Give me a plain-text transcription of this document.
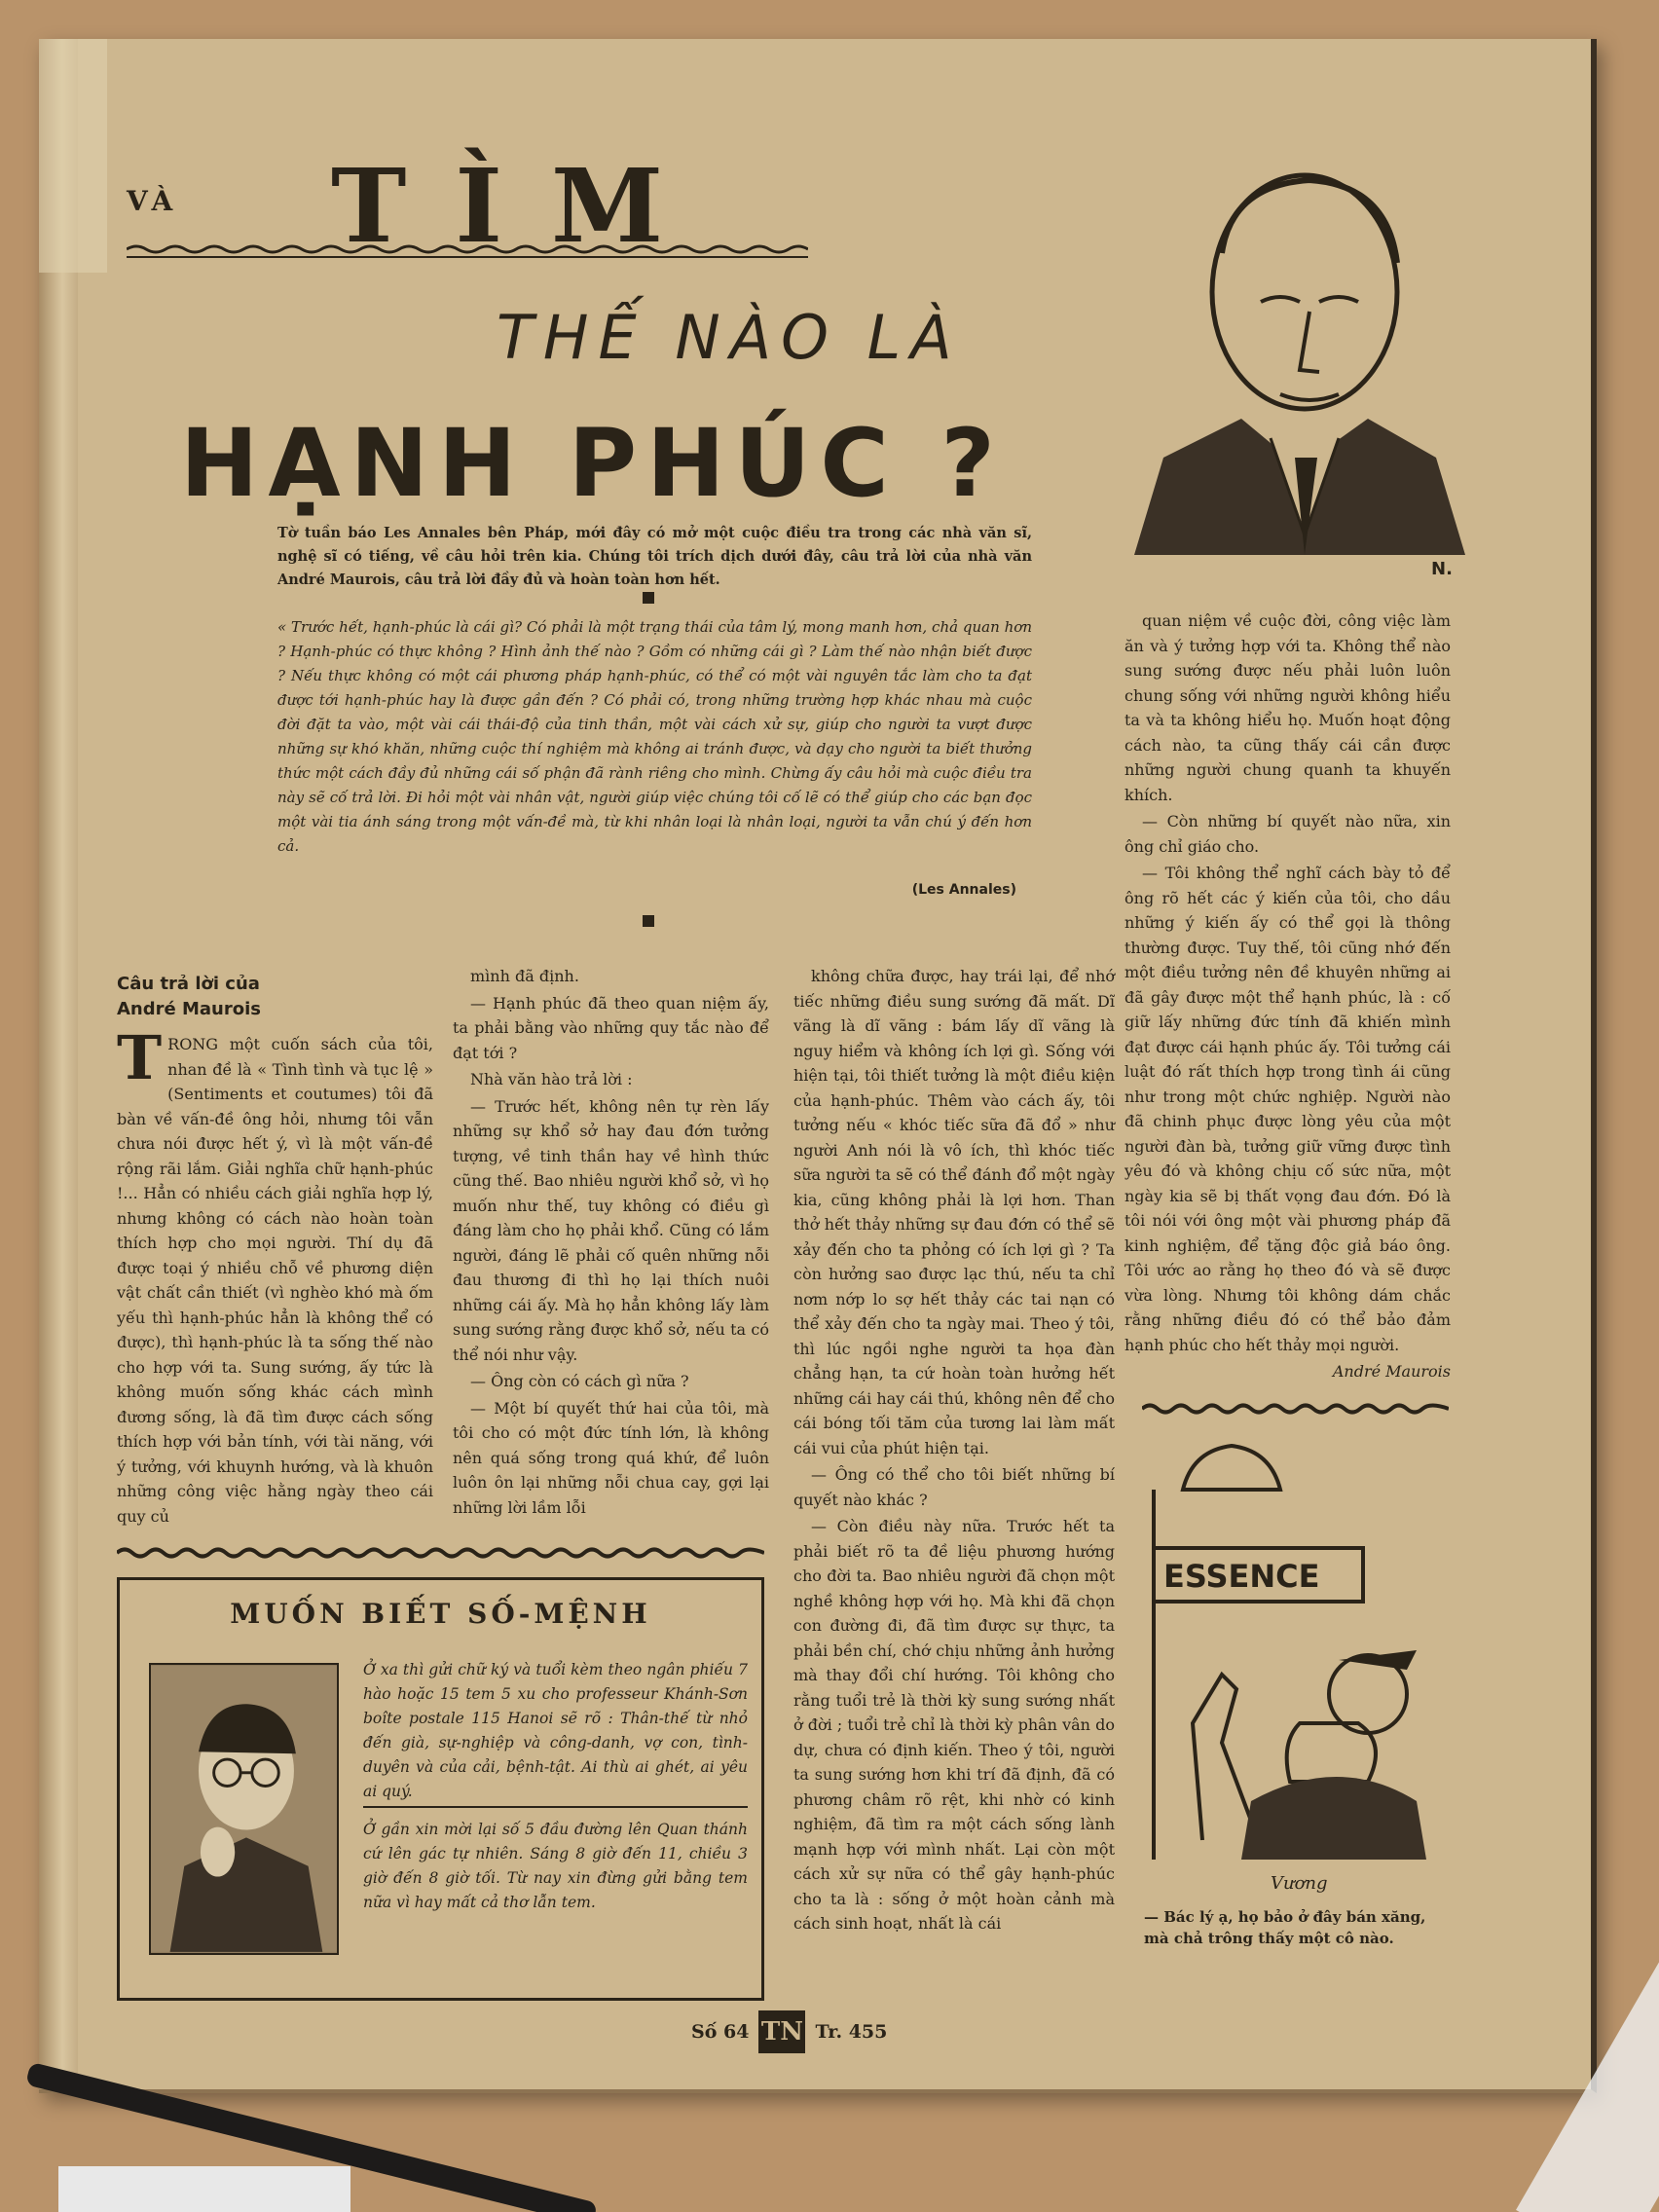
VÀ TÌM
THẾ NÀO LÀ
HẠNH PHÚC ?
Tờ tuần báo Les Annales bên Pháp, mới đây có mở một cuộc điều tra trong các nhà văn sĩ, nghệ sĩ có tiếng, về câu hỏi trên kia. Chúng tôi trích dịch dưới đây, câu trả lời của nhà văn André Maurois, câu trả lời đầy đủ và hoàn toàn hơn hết.
« Trước hết, hạnh-phúc là cái gì? Có phải là một trạng thái của tâm lý, mong manh hơn, chả quan hơn ? Hạnh-phúc có thực không ? Hình ảnh thế nào ? Gồm có những cái gì ? Làm thế nào nhận biết được ? Nếu thực không có một cái phương pháp hạnh-phúc, có thể có một vài nguyên tắc làm cho ta đạt được tới hạnh-phúc hay là được gần đến ? Có phải có, trong những trường hợp khác nhau mà cuộc đời đặt ta vào, một vài cái thái-độ của tinh thần, một vài cách xử sự, giúp cho người ta vượt được những sự khó khăn, những cuộc thí nghiệm mà không ai tránh được, và dạy cho người ta biết thưởng thức một cách đầy đủ những cái số phận đã rành riêng cho mình. Chừng ấy câu hỏi mà cuộc điều tra này sẽ cố trả lời. Đi hỏi một vài nhân vật, người giúp việc chúng tôi cố lẽ có thể giúp cho các bạn đọc một vài tia ánh sáng trong một vấn-đề mà, từ khi nhân loại là nhân loại, người ta vẫn chú ý đến hơn cả.
(Les Annales)
N.
Câu trả lời của
André Maurois
T RONG một cuốn sách của tôi, nhan đề là « Tình tình và tục lệ » (Sentiments et coutumes) tôi đã bàn về vấn-đề ông hỏi, nhưng tôi vẫn chưa nói được hết ý, vì là một vấn-đề rộng rãi lắm. Giải nghĩa chữ hạnh-phúc !... Hẳn có nhiều cách giải nghĩa hợp lý, nhưng không có cách nào hoàn toàn thích hợp cho mọi người. Thí dụ đã được toại ý nhiều chỗ về phương diện vật chất cần thiết (vì nghèo khó mà ốm yếu thì hạnh-phúc hẳn là không thể có được), thì hạnh-phúc là ta sống thế nào cho hợp với ta. Sung sướng, ấy tức là không muốn sống khác cách mình đương sống, là đã tìm được cách sống thích hợp với bản tính, với tài năng, với ý tưởng, với khuynh hướng, và là khuôn những công việc hằng ngày theo cái quy củ

mình đã định.

— Hạnh phúc đã theo quan niệm ấy, ta phải bằng vào những quy tắc nào để đạt tới ?

Nhà văn hào trả lời :

— Trước hết, không nên tự rèn lấy những sự khổ sở hay đau đớn tưởng tượng, về tinh thần hay về hình thức cũng thế. Bao nhiêu người khổ sở, vì họ muốn như thế, tuy không có điều gì đáng làm cho họ phải khổ. Cũng có lắm người, đáng lẽ phải cố quên những nỗi đau thương đi thì họ lại thích nuôi những cái ấy. Mà họ hẳn không lấy làm sung sướng rằng được khổ sở, nếu ta có thể nói như vậy.

— Ông còn có cách gì nữa ?

— Một bí quyết thứ hai của tôi, mà tôi cho có một đức tính lớn, là không nên quá sống trong quá khứ, để luôn luôn ôn lại những nỗi chua cay, gợi lại những lời lầm lỗi

không chữa được, hay trái lại, để nhớ tiếc những điều sung sướng đã mất. Dĩ vãng là dĩ vãng : bám lấy dĩ vãng là nguy hiểm và không ích lợi gì. Sống với hiện tại, tôi thiết tưởng là một điều kiện của hạnh-phúc. Thêm vào cách ấy, tôi tưởng nếu « khóc tiếc sữa đã đổ » như người Anh nói là vô ích, thì khóc tiếc sữa người ta sẽ có thể đánh đổ một ngày kia, cũng không phải là lợi hơn. Than thở hết thảy những sự đau đớn có thể sẽ xảy đến cho ta phỏng có ích lợi gì ? Ta còn hưởng sao được lạc thú, nếu ta chỉ nơm nớp lo sợ hết thảy các tai nạn có thể xảy đến cho ta ngày mai. Theo ý tôi, thì lúc ngồi nghe người ta họa đàn chẳng hạn, ta cứ hoàn toàn hưởng hết những cái hay cái thú, không nên để cho cái bóng tối tăm của tương lai làm mất cái vui của phút hiện tại.

— Ông có thể cho tôi biết những bí quyết nào khác ?

— Còn điều này nữa. Trước hết ta phải biết rõ ta đề liệu phương hướng cho đời ta. Bao nhiêu người đã chọn một nghề không hợp với họ. Mà khi đã chọn con đường đi, đã tìm được sự thực, ta phải bền chí, chớ chịu những ảnh hưởng mà thay đổi chí hướng. Tôi không cho rằng tuổi trẻ là thời kỳ sung sướng nhất ở đời ; tuổi trẻ chỉ là thời kỳ phân vân do dự, chưa có định kiến. Theo ý tôi, người ta sung sướng hơn khi trí đã định, đã có phương châm rõ rệt, khi nhờ có kinh nghiệm, đã tìm ra một cách sống lành mạnh hợp với mình nhất. Lại còn một cách xử sự nữa có thể gây hạnh-phúc cho ta là : sống ở một hoàn cảnh mà cách sinh hoạt, nhất là cái

quan niệm về cuộc đời, công việc làm ăn và ý tưởng hợp với ta. Không thể nào sung sướng được nếu phải luôn luôn chung sống với những người không hiểu ta và ta không hiểu họ. Muốn hoạt động cách nào, ta cũng thấy cái cần được những người chung quanh ta khuyến khích.

— Còn những bí quyết nào nữa, xin ông chỉ giáo cho.

— Tôi không thể nghĩ cách bày tỏ để ông rõ hết các ý kiến của tôi, cho dầu những ý kiến ấy có thể gọi là thông thường được. Tuy thế, tôi cũng nhớ đến một điều tưởng nên đề khuyên những ai đã gây được một thể hạnh phúc, là : cố giữ lấy những đức tính đã khiến mình đạt được cái hạnh phúc ấy. Tôi tưởng cái luật đó rất thích hợp trong tình ái cũng như trong một chức nghiệp. Người nào đã chinh phục được lòng yêu của một người đàn bà, tưởng giữ vững được tình yêu đó và không chịu cố sức nữa, một ngày kia sẽ bị thất vọng đau đớn. Đó là tôi nói với ông một vài phương pháp đã kinh nghiệm, để tặng độc giả báo ông. Tôi ước ao rằng họ theo đó và sẽ được vừa lòng. Nhưng tôi không dám chắc rằng những điều đó có thể bảo đảm hạnh phúc cho hết thảy mọi người.

André Maurois

MUỐN BIẾT SỐ-MỆNH
Ở xa thì gửi chữ ký và tuổi kèm theo ngân phiếu 7 hào hoặc 15 tem 5 xu cho professeur Khánh-Sơn boîte postale 115 Hanoi sẽ rõ : Thân-thế từ nhỏ đến già, sự-nghiệp và công-danh, vợ con, tình-duyên và của cải, bệnh-tật. Ai thù ai ghét, ai yêu ai quý.
Ở gần xin mời lại số 5 đầu đường lên Quan thánh cứ lên gác tự nhiên. Sáng 8 giờ đến 11, chiều 3 giờ đến 8 giờ tối. Từ nay xin đừng gửi bằng tem nữa vì hay mất cả thơ lẫn tem.
ESSENCE
Vương
— Bác lý ạ, họ bảo ở đây bán xăng, mà chả trông thấy một cô nào.
Số 64 TN Tr. 455
